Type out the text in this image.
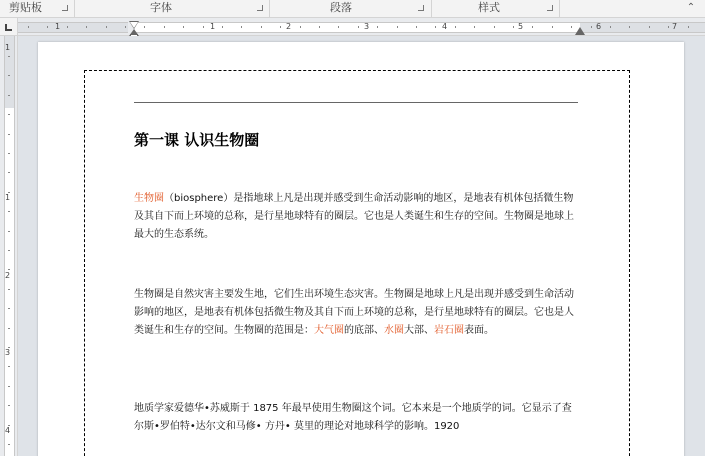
剪贴板	字体	段落	样式	⌃
1	1	2	3	4	5	6	7
1
1
2
3
4
第一课 认识生物圈
生物圈（biosphere）是指地球上凡是出现并感受到生命活动影响的地区，是地表有机体包括微生物及其自下而上环境的总称，是行星地球特有的圈层。它也是人类诞生和生存的空间。生物圈是地球上最大的生态系统。
生物圈是自然灾害主要发生地，它们生出环境生态灾害。生物圈是地球上凡是出现并感受到生命活动影响的地区，是地表有机体包括微生物及其自下而上环境的总称，是行星地球特有的圈层。它也是人类诞生和生存的空间。生物圈的范围是：大气圈的底部、水圈大部、岩石圈表面。
地质学家爱德华•苏威斯于 1875 年最早使用生物圈这个词。它本来是一个地质学的词。它显示了查尔斯•罗伯特•达尔文和马修• 方丹• 莫里的理论对地球科学的影响。1920
